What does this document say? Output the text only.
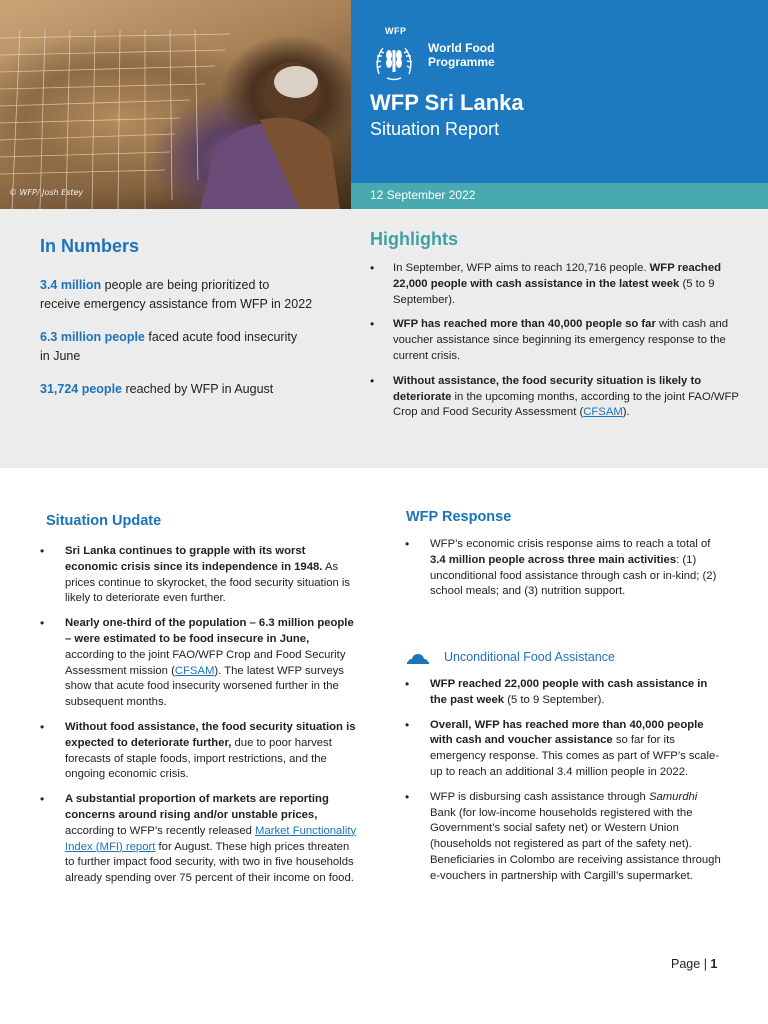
© WFP/ Josh Estey
WFP
World Food Programme
WFP Sri Lanka
Situation Report
12 September 2022
In Numbers
3.4 million people are being prioritized to
receive emergency assistance from WFP in 2022
6.3 million people faced acute food insecurity
in June
31,724 people reached by WFP in August
Highlights
• In September, WFP aims to reach 120,716 people. WFP reached 22,000 people with cash assistance in the latest week (5 to 9 September).
• WFP has reached more than 40,000 people so far with cash and voucher assistance since beginning its emergency response to the current crisis.
• Without assistance, the food security situation is likely to deteriorate in the upcoming months, according to the joint FAO/WFP Crop and Food Security Assessment (CFSAM).
Situation Update
• Sri Lanka continues to grapple with its worst economic crisis since its independence in 1948. As prices continue to skyrocket, the food security situation is likely to deteriorate even further.
• Nearly one-third of the population – 6.3 million people – were estimated to be food insecure in June, according to the joint FAO/WFP Crop and Food Security Assessment mission (CFSAM). The latest WFP surveys show that acute food insecurity worsened further in the subsequent months.
• Without food assistance, the food security situation is expected to deteriorate further, due to poor harvest forecasts of staple foods, import restrictions, and the ongoing economic crisis.
• A substantial proportion of markets are reporting concerns around rising and/or unstable prices, according to WFP’s recently released Market Functionality Index (MFI) report for August. These high prices threaten to further impact food security, with two in five households already spending over 75 percent of their income on food.
WFP Response
• WFP’s economic crisis response aims to reach a total of 3.4 million people across three main activities: (1) unconditional food assistance through cash or in-kind; (2) school meals; and (3) nutrition support.
Unconditional Food Assistance
• WFP reached 22,000 people with cash assistance in the past week (5 to 9 September).
• Overall, WFP has reached more than 40,000 people with cash and voucher assistance so far for its emergency response. This comes as part of WFP’s scale-up to reach an additional 3.4 million people in 2022.
• WFP is disbursing cash assistance through Samurdhi Bank (for low-income households registered with the Government’s social safety net) or Western Union (households not registered as part of the safety net). Beneficiaries in Colombo are receiving assistance through e-vouchers in partnership with Cargill’s supermarket.
Page | 1
